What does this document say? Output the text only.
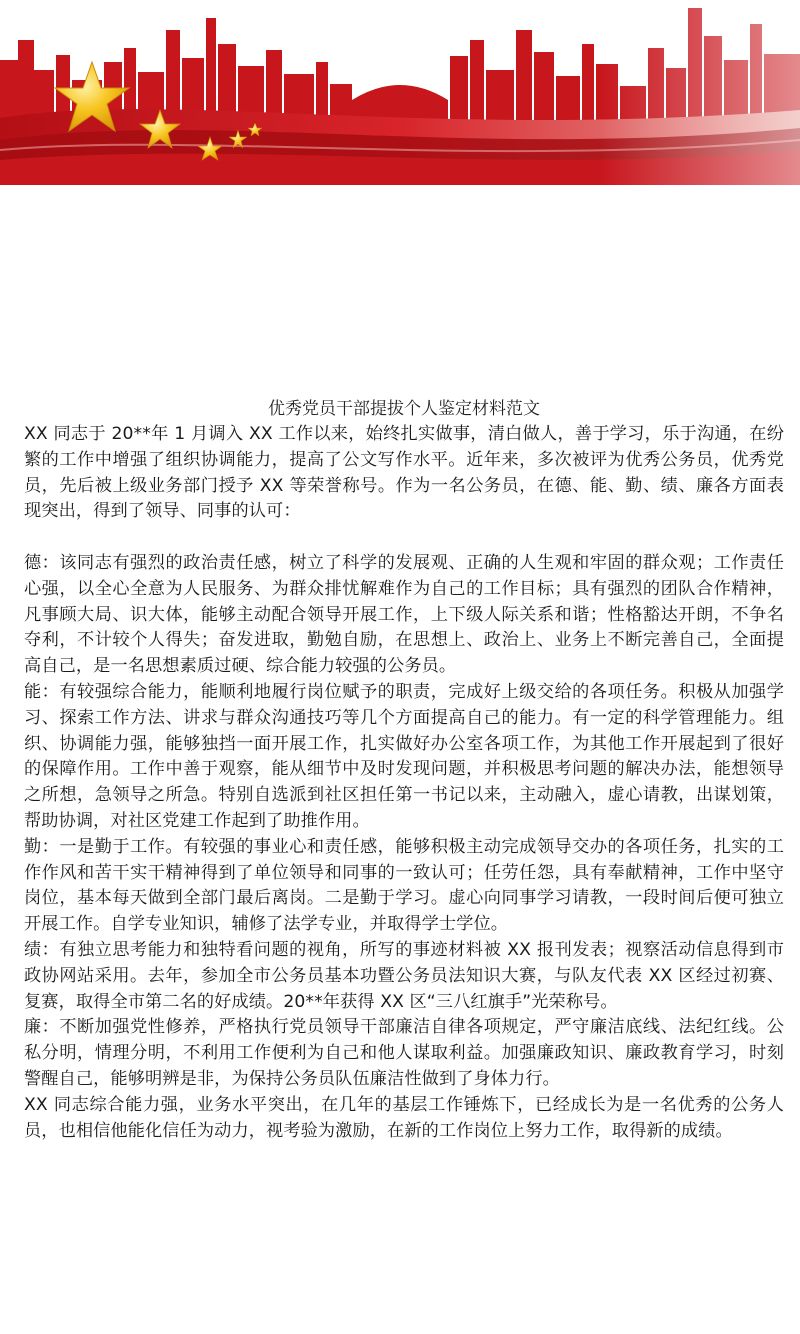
优秀党员干部提拔个人鉴定材料范文

XX 同志于 20**年 1 月调入 XX 工作以来，始终扎实做事，清白做人，善于学习，乐于沟通，在纷繁的工作中增强了组织协调能力，提高了公文写作水平。近年来，多次被评为优秀公务员，优秀党员，先后被上级业务部门授予 XX 等荣誉称号。作为一名公务员，在德、能、勤、绩、廉各方面表现突出，得到了领导、同事的认可：

德：该同志有强烈的政治责任感，树立了科学的发展观、正确的人生观和牢固的群众观；工作责任心强，以全心全意为人民服务、为群众排忧解难作为自己的工作目标；具有强烈的团队合作精神，凡事顾大局、识大体，能够主动配合领导开展工作，上下级人际关系和谐；性格豁达开朗，不争名夺利，不计较个人得失；奋发进取，勤勉自励，在思想上、政治上、业务上不断完善自己，全面提高自己，是一名思想素质过硬、综合能力较强的公务员。

能：有较强综合能力，能顺利地履行岗位赋予的职责，完成好上级交给的各项任务。积极从加强学习、探索工作方法、讲求与群众沟通技巧等几个方面提高自己的能力。有一定的科学管理能力。组织、协调能力强，能够独挡一面开展工作，扎实做好办公室各项工作，为其他工作开展起到了很好的保障作用。工作中善于观察，能从细节中及时发现问题，并积极思考问题的解决办法，能想领导之所想，急领导之所急。特别自选派到社区担任第一书记以来，主动融入，虚心请教，出谋划策，帮助协调，对社区党建工作起到了助推作用。

勤：一是勤于工作。有较强的事业心和责任感，能够积极主动完成领导交办的各项任务，扎实的工作作风和苦干实干精神得到了单位领导和同事的一致认可；任劳任怨，具有奉献精神，工作中坚守岗位，基本每天做到全部门最后离岗。二是勤于学习。虚心向同事学习请教，一段时间后便可独立开展工作。自学专业知识，辅修了法学专业，并取得学士学位。

绩：有独立思考能力和独特看问题的视角，所写的事迹材料被 XX 报刊发表；视察活动信息得到市政协网站采用。去年，参加全市公务员基本功暨公务员法知识大赛，与队友代表 XX 区经过初赛、复赛，取得全市第二名的好成绩。20**年获得 XX 区“三八红旗手”光荣称号。

廉：不断加强党性修养，严格执行党员领导干部廉洁自律各项规定，严守廉洁底线、法纪红线。公私分明，情理分明，不利用工作便利为自己和他人谋取利益。加强廉政知识、廉政教育学习，时刻警醒自己，能够明辨是非，为保持公务员队伍廉洁性做到了身体力行。

XX 同志综合能力强，业务水平突出，在几年的基层工作锤炼下，已经成长为是一名优秀的公务人员，也相信他能化信任为动力，视考验为激励，在新的工作岗位上努力工作，取得新的成绩。
